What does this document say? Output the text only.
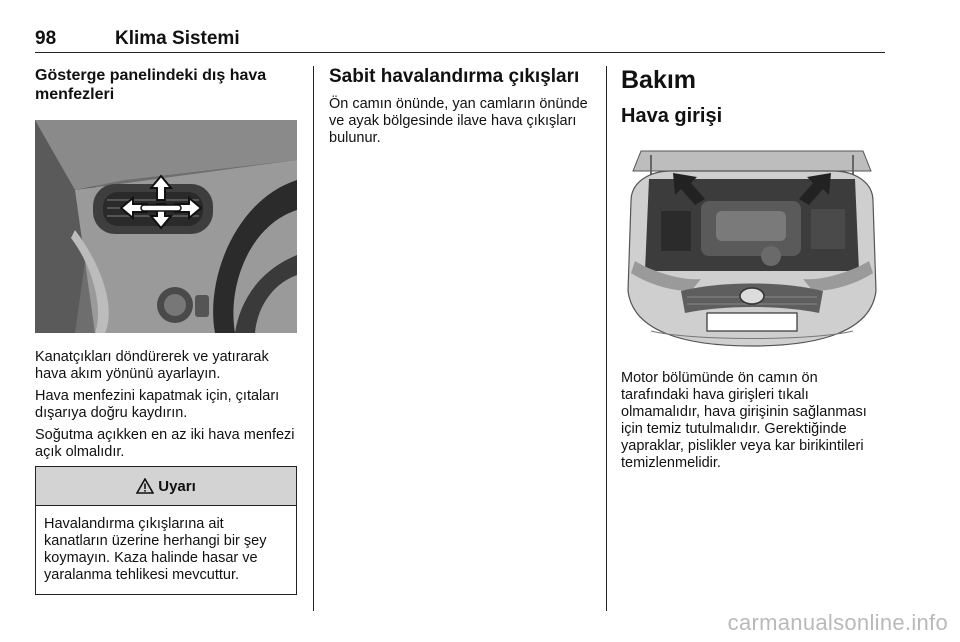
98	Klima Sistemi
Gösterge panelindeki dış hava menfezleri

Kanatçıkları döndürerek ve yatırarak hava akım yönünü ayarlayın.

Hava menfezini kapatmak için, çıtaları dışarıya doğru kaydırın.

Soğutma açıkken en az iki hava menfezi açık olmalıdır.

Uyarı
Havalandırma çıkışlarına ait kanatların üzerine herhangi bir şey koymayın. Kaza halinde hasar ve yaralanma tehlikesi mevcuttur.
Sabit havalandırma çıkışları

Ön camın önünde, yan camların önünde ve ayak bölgesinde ilave hava çıkışları bulunur.

Bakım
Hava girişi

Motor bölümünde ön camın ön tarafındaki hava girişleri tıkalı olmamalıdır, hava girişinin sağlanması için temiz tutulmalıdır. Gerektiğinde yapraklar, pislikler veya kar birikintileri temizlenmelidir.

carmanualsonline.info
